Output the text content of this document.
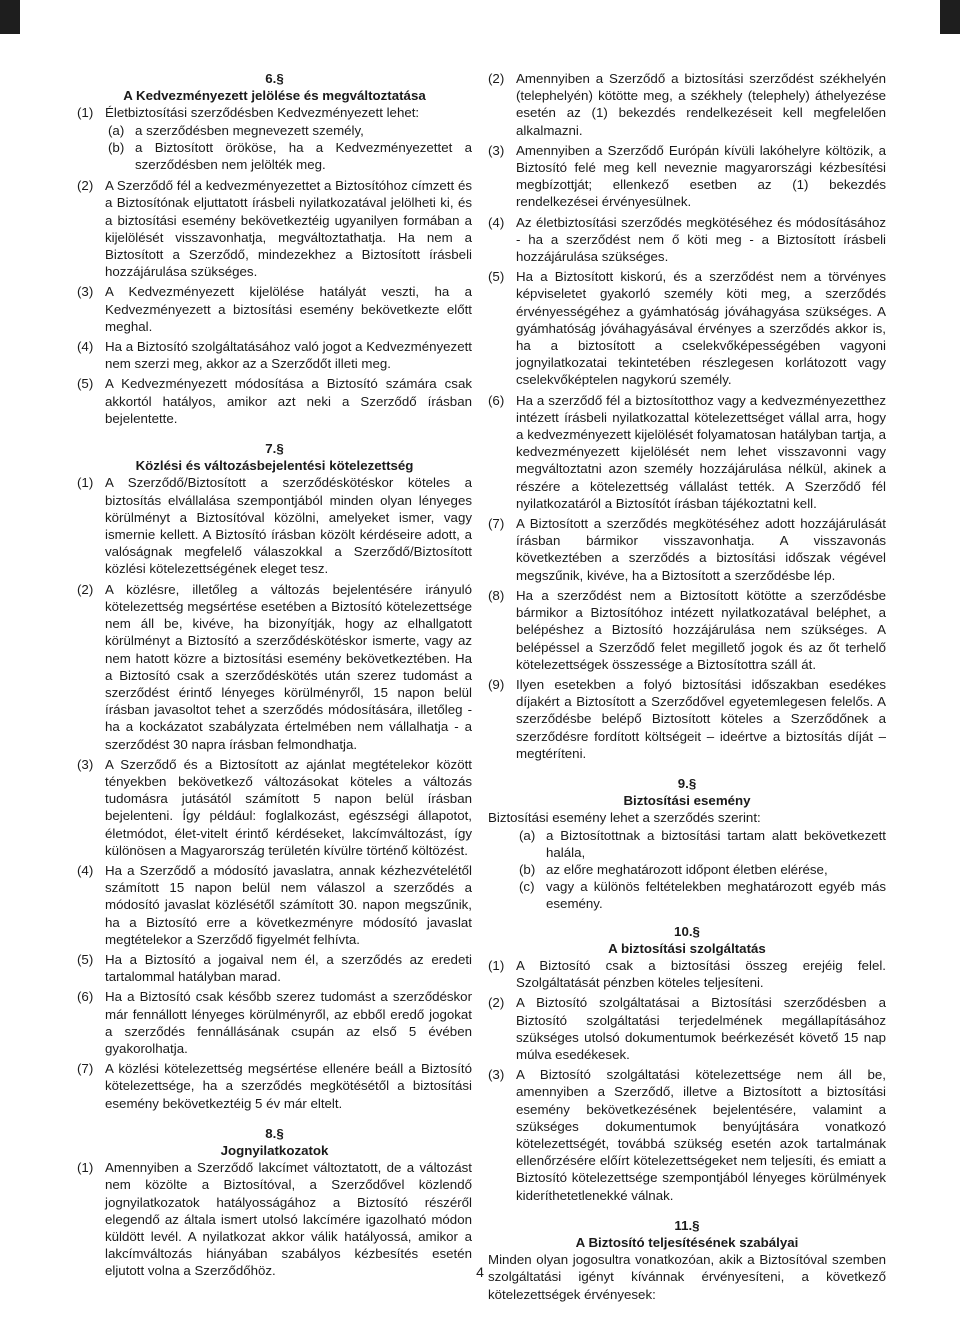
6.§

A Kedvezményezett jelölése és megváltoztatása

(1) Életbiztosítási szerződésben Kedvezményezett lehet:
(a) a szerződésben megnevezett személy,
(b) a Biztosított örököse, ha a Kedvezményezettet a szerződésben nem jelölték meg.
(2) A Szerződő fél a kedvezményezettet a Biztosítóhoz címzett és a Biztosítónak eljuttatott írásbeli nyilatkozatával jelölheti ki, és a biztosítási esemény bekövetkeztéig ugyanilyen formában a kijelölését visszavonhatja, megváltoztathatja. Ha nem a Biztosított a Szerződő, mindezekhez a Biztosított írásbeli hozzájárulása szükséges.
(3) A Kedvezményezett kijelölése hatályát veszti, ha a Kedvezményezett a biztosítási esemény bekövetkezte előtt meghal.
(4) Ha a Biztosító szolgáltatásához való jogot a Kedvezményezett nem szerzi meg, akkor az a Szerződőt illeti meg.
(5) A Kedvezményezett módosítása a Biztosító számára csak akkortól hatályos, amikor azt neki a Szerződő írásban bejelentette.

7.§

Közlési és változásbejelentési kötelezettség

(1) A Szerződő/Biztosított a szerződéskötéskor köteles a biztosítás elvállalása szempontjából minden olyan lényeges körülményt a Biztosítóval közölni, amelyeket ismer, vagy ismernie kellett. A Biztosító írásban közölt kérdéseire adott, a valóságnak megfelelő válaszokkal a Szerződő/Biztosított közlési kötelezettségének eleget tesz.
(2) A közlésre, illetőleg a változás bejelentésére irányuló kötelezettség megsértése esetében a Biztosító kötelezettsége nem áll be, kivéve, ha bizonyítják, hogy az elhallgatott körülményt a Biztosító a szerződéskötéskor ismerte, vagy az nem hatott közre a biztosítási esemény bekövetkeztében. Ha a Biztosító csak a szerződéskötés után szerez tudomást a szerződést érintő lényeges körülményről, 15 napon belül írásban javasoltot tehet a szerződés módosítására, illetőleg - ha a kockázatot szabályzata értelmében nem vállalhatja - a szerződést 30 napra írásban felmondhatja.
(3) A Szerződő és a Biztosított az ajánlat megtételekor között tényekben bekövetkező változásokat köteles a változás tudomásra jutásától számított 5 napon belül írásban bejelenteni. Így például: foglalkozást, egészségi állapotot, életmódot, élet-vitelt érintő kérdéseket, lakcímváltozást, így különösen a Magyarország területén kívülre történő költözést.
(4) Ha a Szerződő a módosító javaslatra, annak kézhezvételétől számított 15 napon belül nem válaszol a szerződés a módosító javaslat közlésétől számított 30. napon megszűnik, ha a Biztosító erre a következményre módosító javaslat megtételekor a Szerződő figyelmét felhívta.
(5) Ha a Biztosító a jogaival nem él, a szerződés az eredeti tartalommal hatályban marad.
(6) Ha a Biztosító csak később szerez tudomást a szerződéskor már fennállott lényeges körülményről, az ebből eredő jogokat a szerződés fennállásának csupán az első 5 évében gyakorolhatja.
(7) A közlési kötelezettség megsértése ellenére beáll a Biztosító kötelezettsége, ha a szerződés megkötésétől a biztosítási esemény bekövetkeztéig 5 év már eltelt.

8.§

Jognyilatkozatok

(1) Amennyiben a Szerződő lakcímet változtatott, de a változást nem közölte a Biztosítóval, a Szerződővel közlendő jognyilatkozatok hatályosságához a Biztosító részéről elegendő az általa ismert utolsó lakcímére igazolható módon küldött levél. A nyilatkozat akkor válik hatályossá, amikor a lakcímváltozás hiányában szabályos kézbesítés esetén eljutott volna a Szerződőhöz.
(2) Amennyiben a Szerződő a biztosítási szerződést székhelyén (telephelyén) kötötte meg, a székhely (telephely) áthelyezése esetén az (1) bekezdés rendelkezéseit kell megfelelően alkalmazni.
(3) Amennyiben a Szerződő Európán kívüli lakóhelyre költözik, a Biztosító felé meg kell neveznie magyarországi kézbesítési megbízottját; ellenkező esetben az (1) bekezdés rendelkezései érvényesülnek.
(4) Az életbiztosítási szerződés megkötéséhez és módosításához - ha a szerződést nem ő köti meg - a Biztosított írásbeli hozzájárulása szükséges.
(5) Ha a Biztosított kiskorú, és a szerződést nem a törvényes képviseletet gyakorló személy köti meg, a szerződés érvényességéhez a gyámhatóság jóváhagyása szükséges. A gyámhatóság jóváhagyásával érvényes a szerződés akkor is, ha a biztosított a cselekvőképességében vagyoni jognyilatkozatai tekintetében részlegesen korlátozott vagy cselekvőképtelen nagykorú személy.
(6) Ha a szerződő fél a biztosítotthoz vagy a kedvezményezetthez intézett írásbeli nyilatkozattal kötelezettséget vállal arra, hogy a kedvezményezett kijelölését folyamatosan hatályban tartja, a kedvezményezett kijelölését nem lehet visszavonni vagy megváltoztatni azon személy hozzájárulása nélkül, akinek a részére a kötelezettség vállalást tették. A Szerződő fél nyilatkozatáról a Biztosítót írásban tájékoztatni kell.
(7) A Biztosított a szerződés megkötéséhez adott hozzájárulását írásban bármikor visszavonhatja. A visszavonás következtében a szerződés a biztosítási időszak végével megszűnik, kivéve, ha a Biztosított a szerződésbe lép.
(8) Ha a szerződést nem a Biztosított kötötte a szerződésbe bármikor a Biztosítóhoz intézett nyilatkozatával beléphet, a belépéshez a Biztosító hozzájárulása nem szükséges. A belépéssel a Szerződő felet megillető jogok és az őt terhelő kötelezettségek összessége a Biztosítottra száll át.
(9) Ilyen esetekben a folyó biztosítási időszakban esedékes díjakért a Biztosított a Szerződővel egyetemlegesen felelős. A szerződésbe belépő Biztosított köteles a Szerződőnek a szerződésre fordított költségeit – ideértve a biztosítás díját – megtéríteni.

9.§

Biztosítási esemény

Biztosítási esemény lehet a szerződés szerint:

(a) a Biztosítottnak a biztosítási tartam alatt bekövetkezett halála,
(b) az előre meghatározott időpont életben elérése,
(c) vagy a különös feltételekben meghatározott egyéb más esemény.

10.§

A biztosítási szolgáltatás

(1) A Biztosító csak a biztosítási összeg erejéig felel. Szolgáltatását pénzben köteles teljesíteni.
(2) A Biztosító szolgáltatásai a Biztosítási szerződésben a Biztosító szolgáltatási terjedelmének megállapításához szükséges utolsó dokumentumok beérkezését követő 15 nap múlva esedékesek.
(3) A Biztosító szolgáltatási kötelezettsége nem áll be, amennyiben a Szerződő, illetve a Biztosított a biztosítási esemény bekövetkezésének bejelentésére, valamint a szükséges dokumentumok benyújtására vonatkozó kötelezettségét, továbbá szükség esetén azok tartalmának ellenőrzésére előírt kötelezettségeket nem teljesíti, és emiatt a Biztosító kötelezettsége szempontjából lényeges körülmények kideríthetetlenekké válnak.

11.§

A Biztosító teljesítésének szabályai

Minden olyan jogosultra vonatkozóan, akik a Biztosítóval szemben szolgáltatási igényt kívánnak érvényesíteni, a következő kötelezettségek érvényesek:

4
